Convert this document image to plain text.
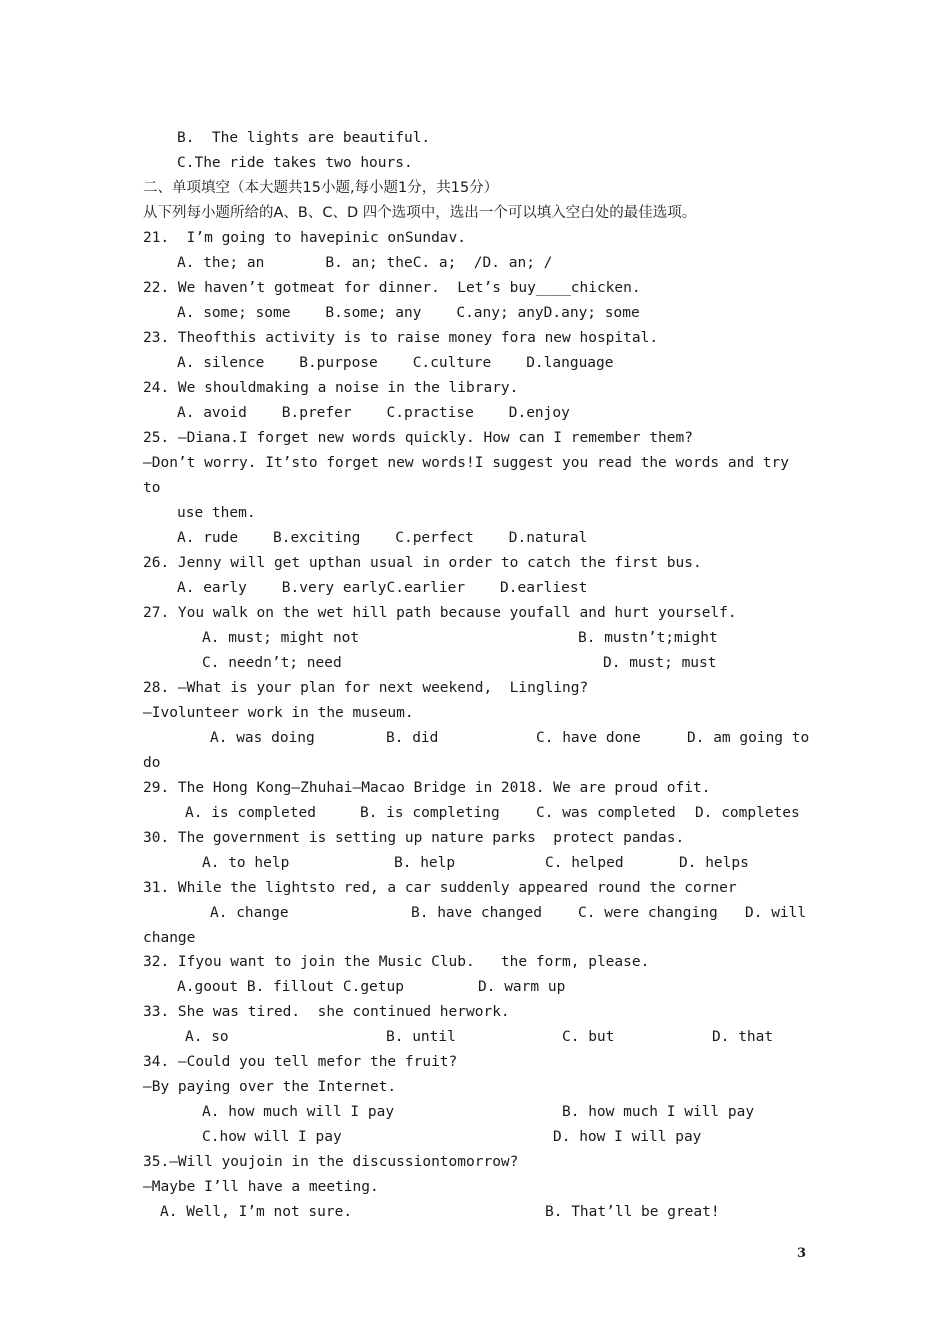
B.  The lights are beautiful.
C.The ride takes two hours.
二、单项填空（本大题共15小题,每小题1分，共15分）
从下列每小题所给的A、B、C、D 四个选项中，选出一个可以填入空白处的最佳选项。
21.  I’m going to havepinic onSundav.
A. the; an       B. an; theC. a;  /D. an; /
22. We haven’t gotmeat for dinner.  Let’s buy____chicken.
A. some; some    B.some; any    C.any; anyD.any; some
23. Theofthis activity is to raise money fora new hospital.
A. silence    B.purpose    C.culture    D.language
24. We shouldmaking a noise in the library.
A. avoid    B.prefer    C.practise    D.enjoy
25. —Diana.I forget new words quickly. How can I remember them?
—Don’t worry. It’sto forget new words!I suggest you read the words and try
to
use them.
A. rude    B.exciting    C.perfect    D.natural
26. Jenny will get upthan usual in order to catch the first bus.
A. early    B.very earlyC.earlier    D.earliest
27. You walk on the wet hill path because youfall and hurt yourself.
A. must; might not	B. mustn’t;might
C. needn’t; need	D. must; must
28. —What is your plan for next weekend,  Lingling?
—Ivolunteer work in the museum.
A. was doing	B. did	C. have done	D. am going to
do
29. The Hong Kong—Zhuhai—Macao Bridge in 2018. We are proud ofit.
A. is completed	B. is completing	C. was completed D. completes
30. The government is setting up nature parks  protect pandas.
A. to help	B. help	C. helped	D. helps
31. While the lightsto red, a car suddenly appeared round the corner
A. change	B. have changed C. were changing D. will
change
32. Ifyou want to join the Music Club.   the form, please.
A.goout B. fillout C.getup	D. warm up
33. She was tired.  she continued herwork.
A. so	B. until	C. but	D. that
34. —Could you tell mefor the fruit?
—By paying over the Internet.
A. how much will I pay	B. how much I will pay
C.how will I pay	D. how I will pay
35.—Will youjoin in the discussiontomorrow?
—Maybe I’ll have a meeting.
A. Well, I’m not sure.	B. That’ll be great!
3
